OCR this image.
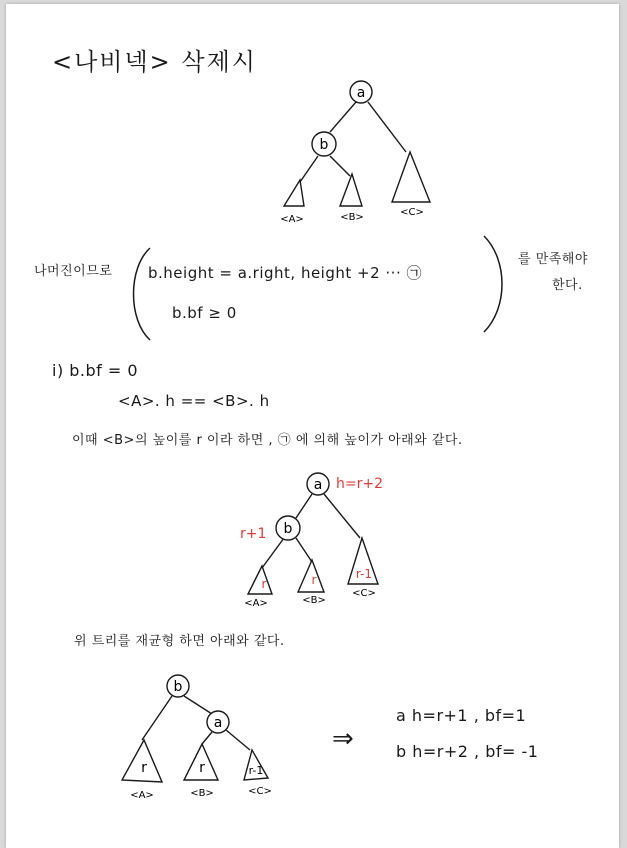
<나비넥> 삭제시
a
b
<A>	<B>	<C>
나머진이므로 b.height = a.right, height +2 ··· ㉠
b.bf ≥ 0
를 만족해야
한다.
i) b.bf = 0
<A>. h == <B>. h
이때 <B>의 높이를 r 이라 하면 , ㉠ 에 의해 높이가 아래와 같다.
a h=r+2
b
r+1
r	r	r-1
<A>	<B>
<C>
위 트리를 재균형 하면 아래와 같다.
b
a
r	r	r-1
<A>	<B>	<C>
⇒
a h=r+1 , bf=1
b h=r+2 , bf= -1
